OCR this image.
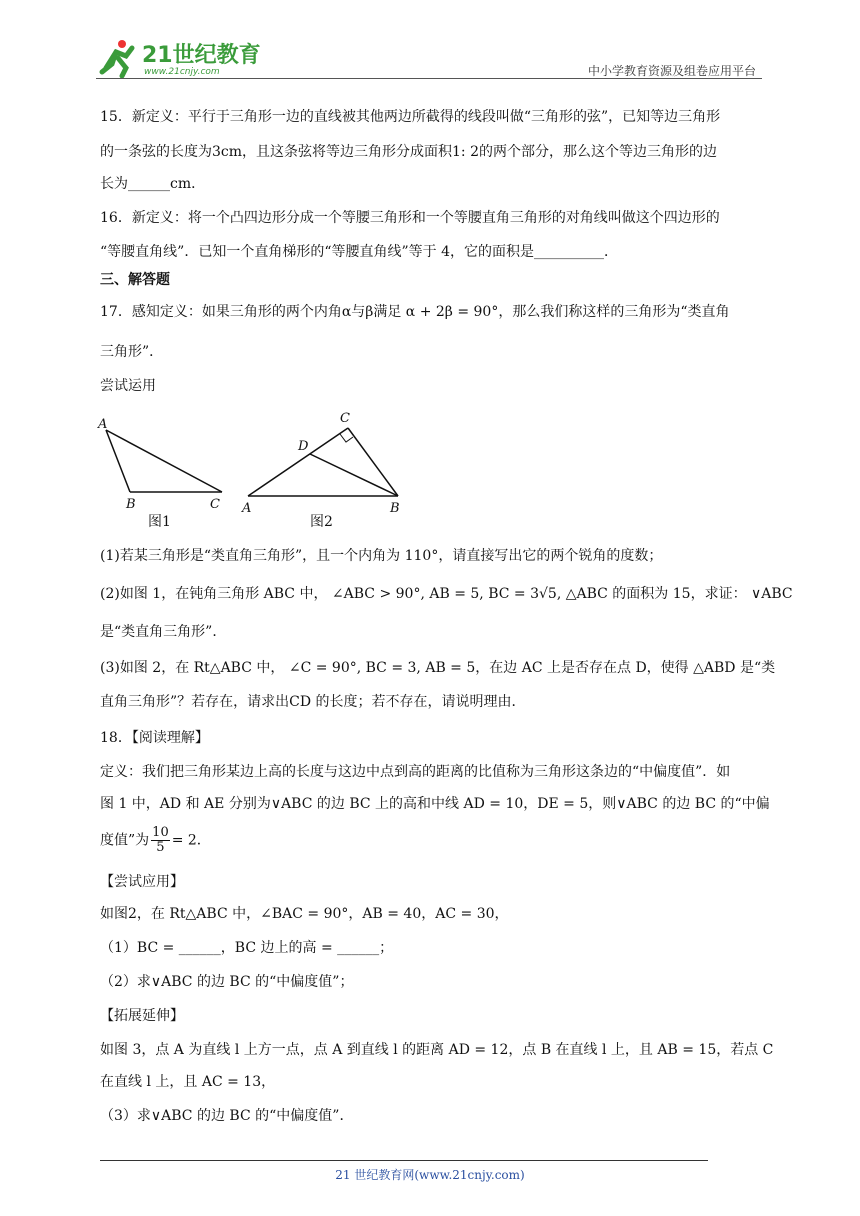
21世纪教育
www.21cnjy.com	中小学教育资源及组卷应用平台
15．新定义：平行于三角形一边的直线被其他两边所截得的线段叫做“三角形的弦”，已知等边三角形
的一条弦的长度为3cm，且这条弦将等边三角形分成面积1: 2的两个部分，那么这个等边三角形的边
长为______cm．
16．新定义：将一个凸四边形分成一个等腰三角形和一个等腰直角三角形的对角线叫做这个四边形的
“等腰直角线”．已知一个直角梯形的“等腰直角线”等于 4，它的面积是__________．
三、解答题
17．感知定义：如果三角形的两个内角α与β满足 α + 2β = 90°，那么我们称这样的三角形为“类直角
三角形”．
尝试运用
A
B	C
图1
C
D
A	B
图2
(1)若某三角形是“类直角三角形”，且一个内角为 110°，请直接写出它的两个锐角的度数；
(2)如图 1，在钝角三角形 ABC 中， ∠ABC > 90°, AB = 5, BC = 3√5, △ABC 的面积为 15，求证： ∨ABC
是“类直角三角形”．
(3)如图 2，在 Rt△ABC 中， ∠C = 90°, BC = 3, AB = 5，在边 AC 上是否存在点 D，使得 △ABD 是“类
直角三角形”？若存在，请求出CD 的长度；若不存在，请说明理由．
18．【阅读理解】
定义：我们把三角形某边上高的长度与这边中点到高的距离的比值称为三角形这条边的“中偏度值”．如
图 1 中，AD 和 AE 分别为∨ABC 的边 BC 上的高和中线 AD = 10，DE = 5，则∨ABC 的边 BC 的“中偏
度值”为 $\frac{10}{5} = 2$．
【尝试应用】
如图2，在 Rt△ABC 中，∠BAC = 90°，AB = 40，AC = 30，
（1）BC = ______，BC 边上的高 = ______；
（2）求∨ABC 的边 BC 的“中偏度值”；
【拓展延伸】
如图 3，点 A 为直线 l 上方一点，点 A 到直线 l 的距离 AD = 12，点 B 在直线 l 上，且 AB = 15，若点 C
在直线 l 上，且 AC = 13，
（3）求∨ABC 的边 BC 的“中偏度值”．
21 世纪教育网(www.21cnjy.com)
